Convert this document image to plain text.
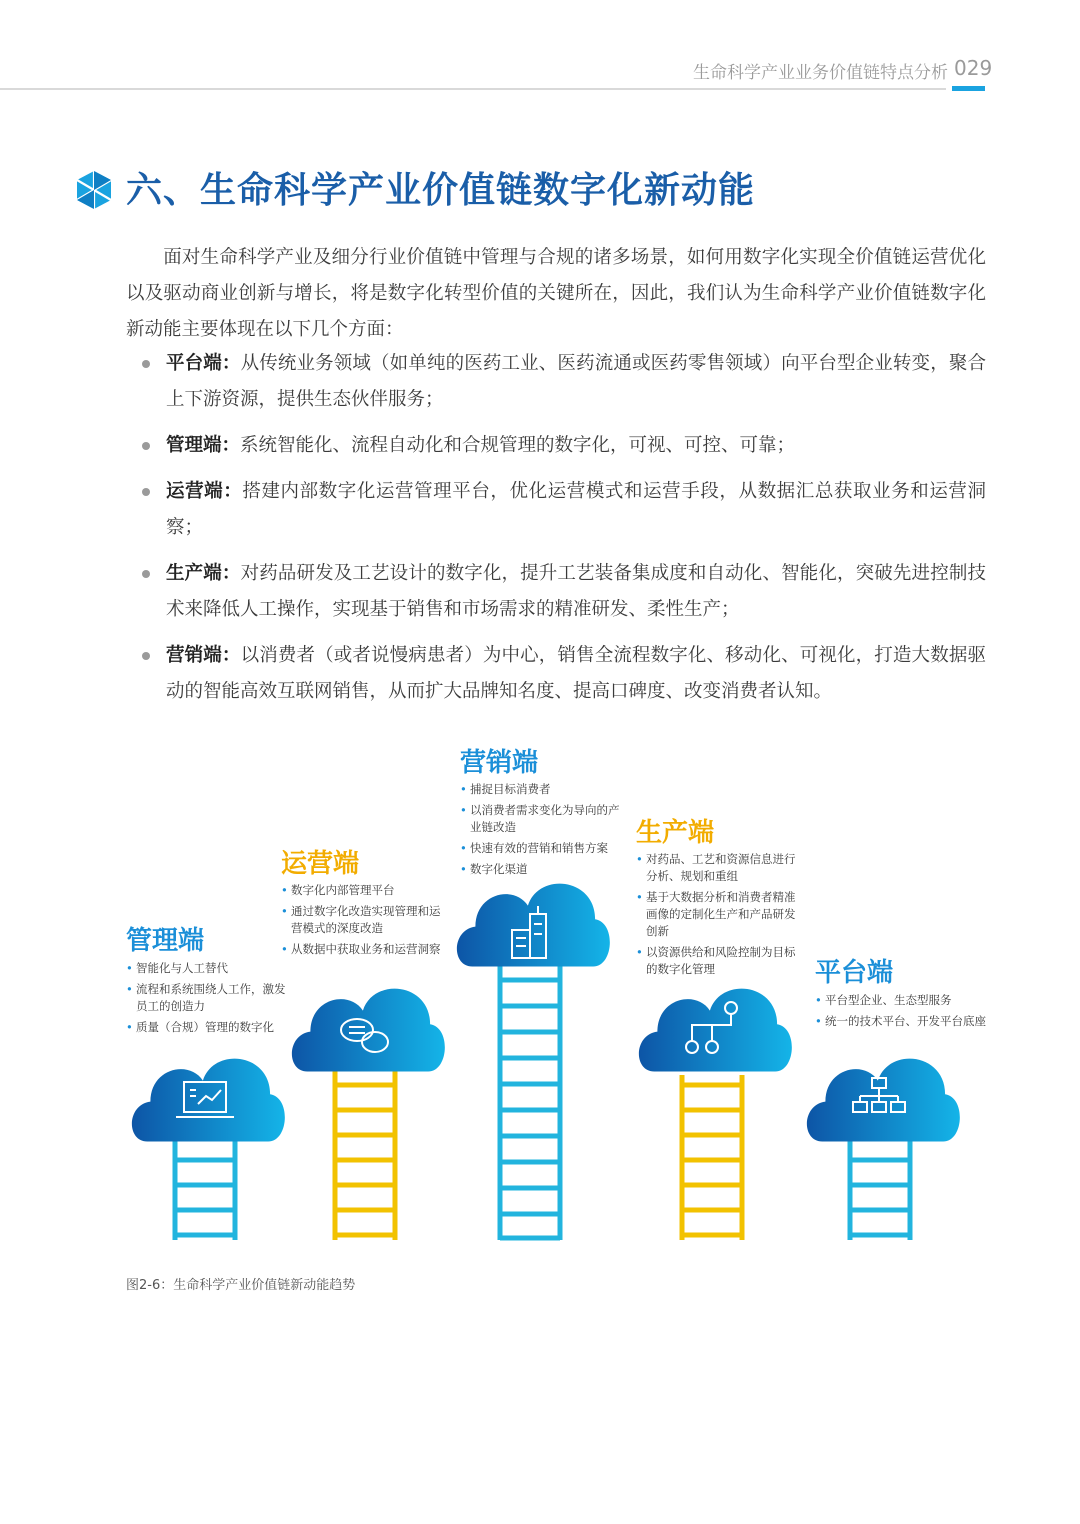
生命科学产业业务价值链特点分析 029
六、生命科学产业价值链数字化新动能
面对生命科学产业及细分行业价值链中管理与合规的诸多场景，如何用数字化实现全价值链运营优化以及驱动商业创新与增长，将是数字化转型价值的关键所在，因此，我们认为生命科学产业价值链数字化新动能主要体现在以下几个方面：
平台端：从传统业务领域（如单纯的医药工业、医药流通或医药零售领域）向平台型企业转变，聚合上下游资源，提供生态伙伴服务；
管理端：系统智能化、流程自动化和合规管理的数字化，可视、可控、可靠；
运营端：搭建内部数字化运营管理平台，优化运营模式和运营手段，从数据汇总获取业务和运营洞察；
生产端：对药品研发及工艺设计的数字化，提升工艺装备集成度和自动化、智能化，突破先进控制技术来降低人工操作，实现基于销售和市场需求的精准研发、柔性生产；
营销端：以消费者（或者说慢病患者）为中心，销售全流程数字化、移动化、可视化，打造大数据驱动的智能高效互联网销售，从而扩大品牌知名度、提高口碑度、改变消费者认知。
管理端
• 智能化与人工替代
• 流程和系统围绕人工作，激发员工的创造力
• 质量（合规）管理的数字化
运营端
• 数字化内部管理平台
• 通过数字化改造实现管理和运营模式的深度改造
• 从数据中获取业务和运营洞察
营销端
• 捕捉目标消费者
• 以消费者需求变化为导向的产业链改造
• 快速有效的营销和销售方案
• 数字化渠道
生产端
• 对药品、工艺和资源信息进行分析、规划和重组
• 基于大数据分析和消费者精准画像的定制化生产和产品研发创新
• 以资源供给和风险控制为目标的数字化管理	平台端
• 平台型企业、生态型服务
• 统一的技术平台、开发平台底座
图2-6：生命科学产业价值链新动能趋势
